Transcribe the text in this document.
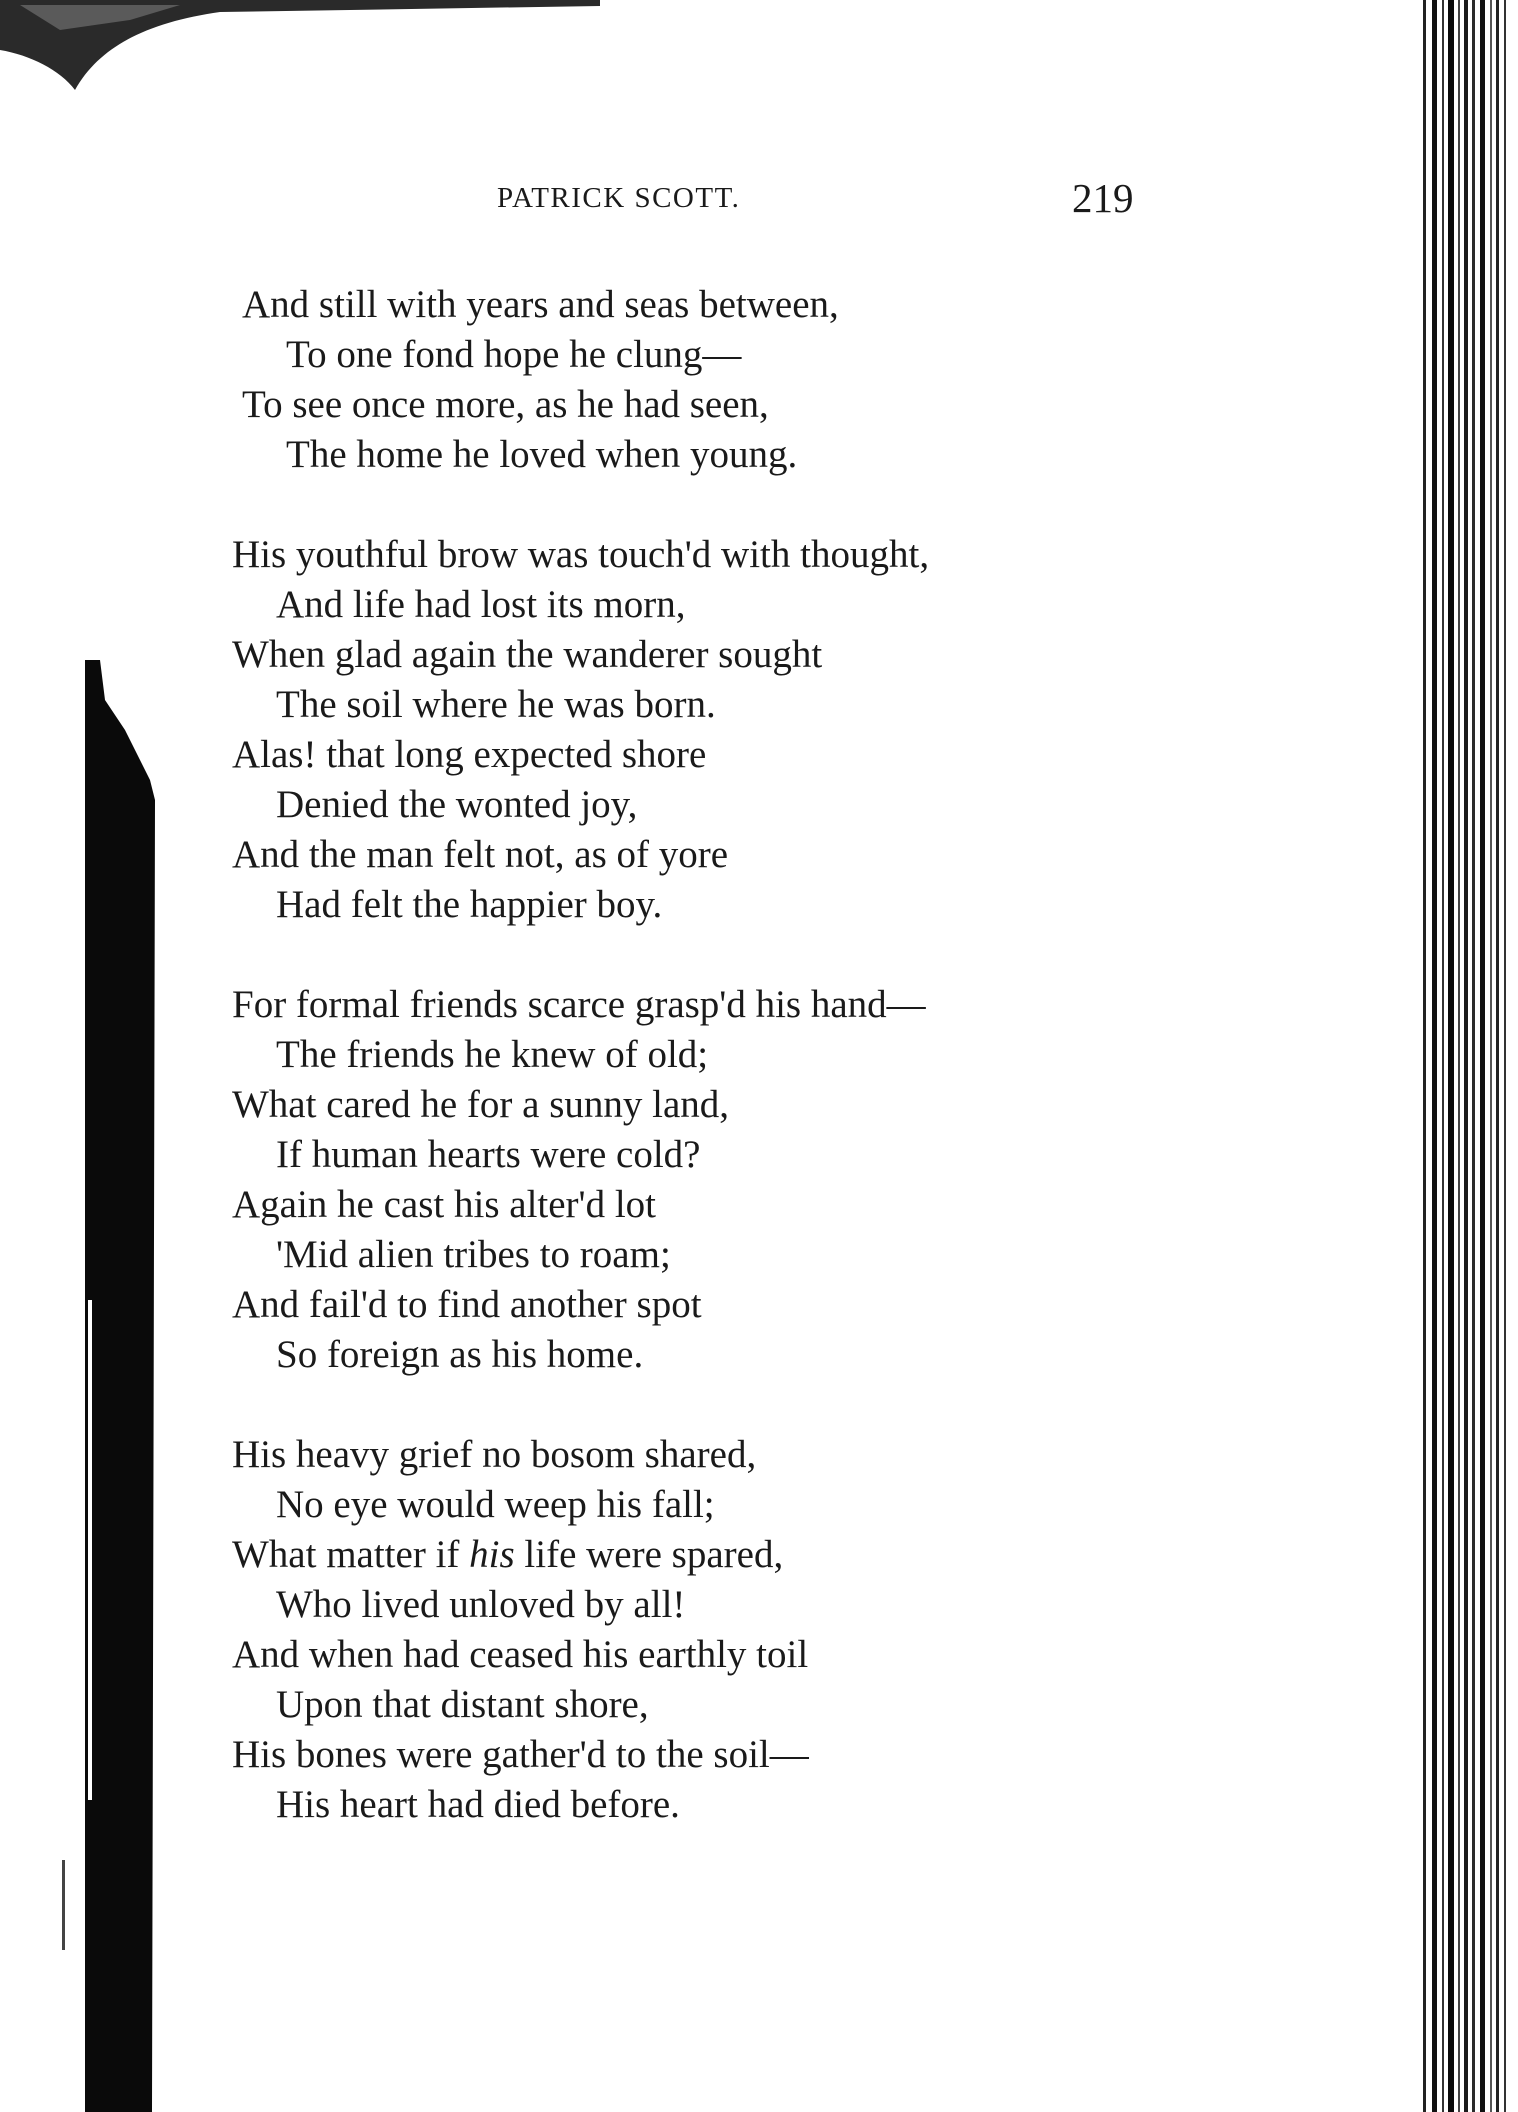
PATRICK SCOTT.	219
And still with years and seas between,
To one fond hope he clung—
To see once more, as he had seen,
The home he loved when young.
His youthful brow was touch'd with thought,
And life had lost its morn,
When glad again the wanderer sought
The soil where he was born.
Alas! that long expected shore
Denied the wonted joy,
And the man felt not, as of yore
Had felt the happier boy.
For formal friends scarce grasp'd his hand—
The friends he knew of old;
What cared he for a sunny land,
If human hearts were cold?
Again he cast his alter'd lot
'Mid alien tribes to roam;
And fail'd to find another spot
So foreign as his home.
His heavy grief no bosom shared,
No eye would weep his fall;
What matter if his life were spared,
Who lived unloved by all!
And when had ceased his earthly toil
Upon that distant shore,
His bones were gather'd to the soil—
His heart had died before.
